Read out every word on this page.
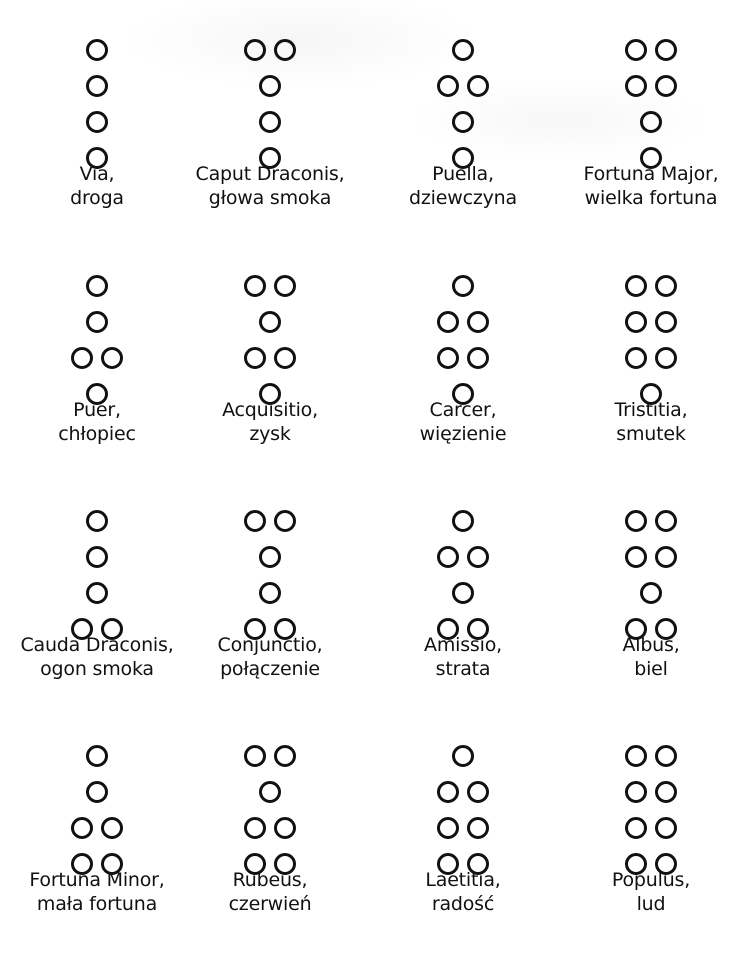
Via,
droga
Caput Draconis,
głowa smoka
Puella,
dziewczyna
Fortuna Major,
wielka fortuna
Puer,
chłopiec
Acquisitio,
zysk
Carcer,
więzienie
Tristitia,
smutek
Cauda Draconis,
ogon smoka
Conjunctio,
połączenie
Amissio,
strata
Albus,
biel
Fortuna Minor,
mała fortuna
Rubeus,
czerwień
Laetitia,
radość
Populus,
lud
